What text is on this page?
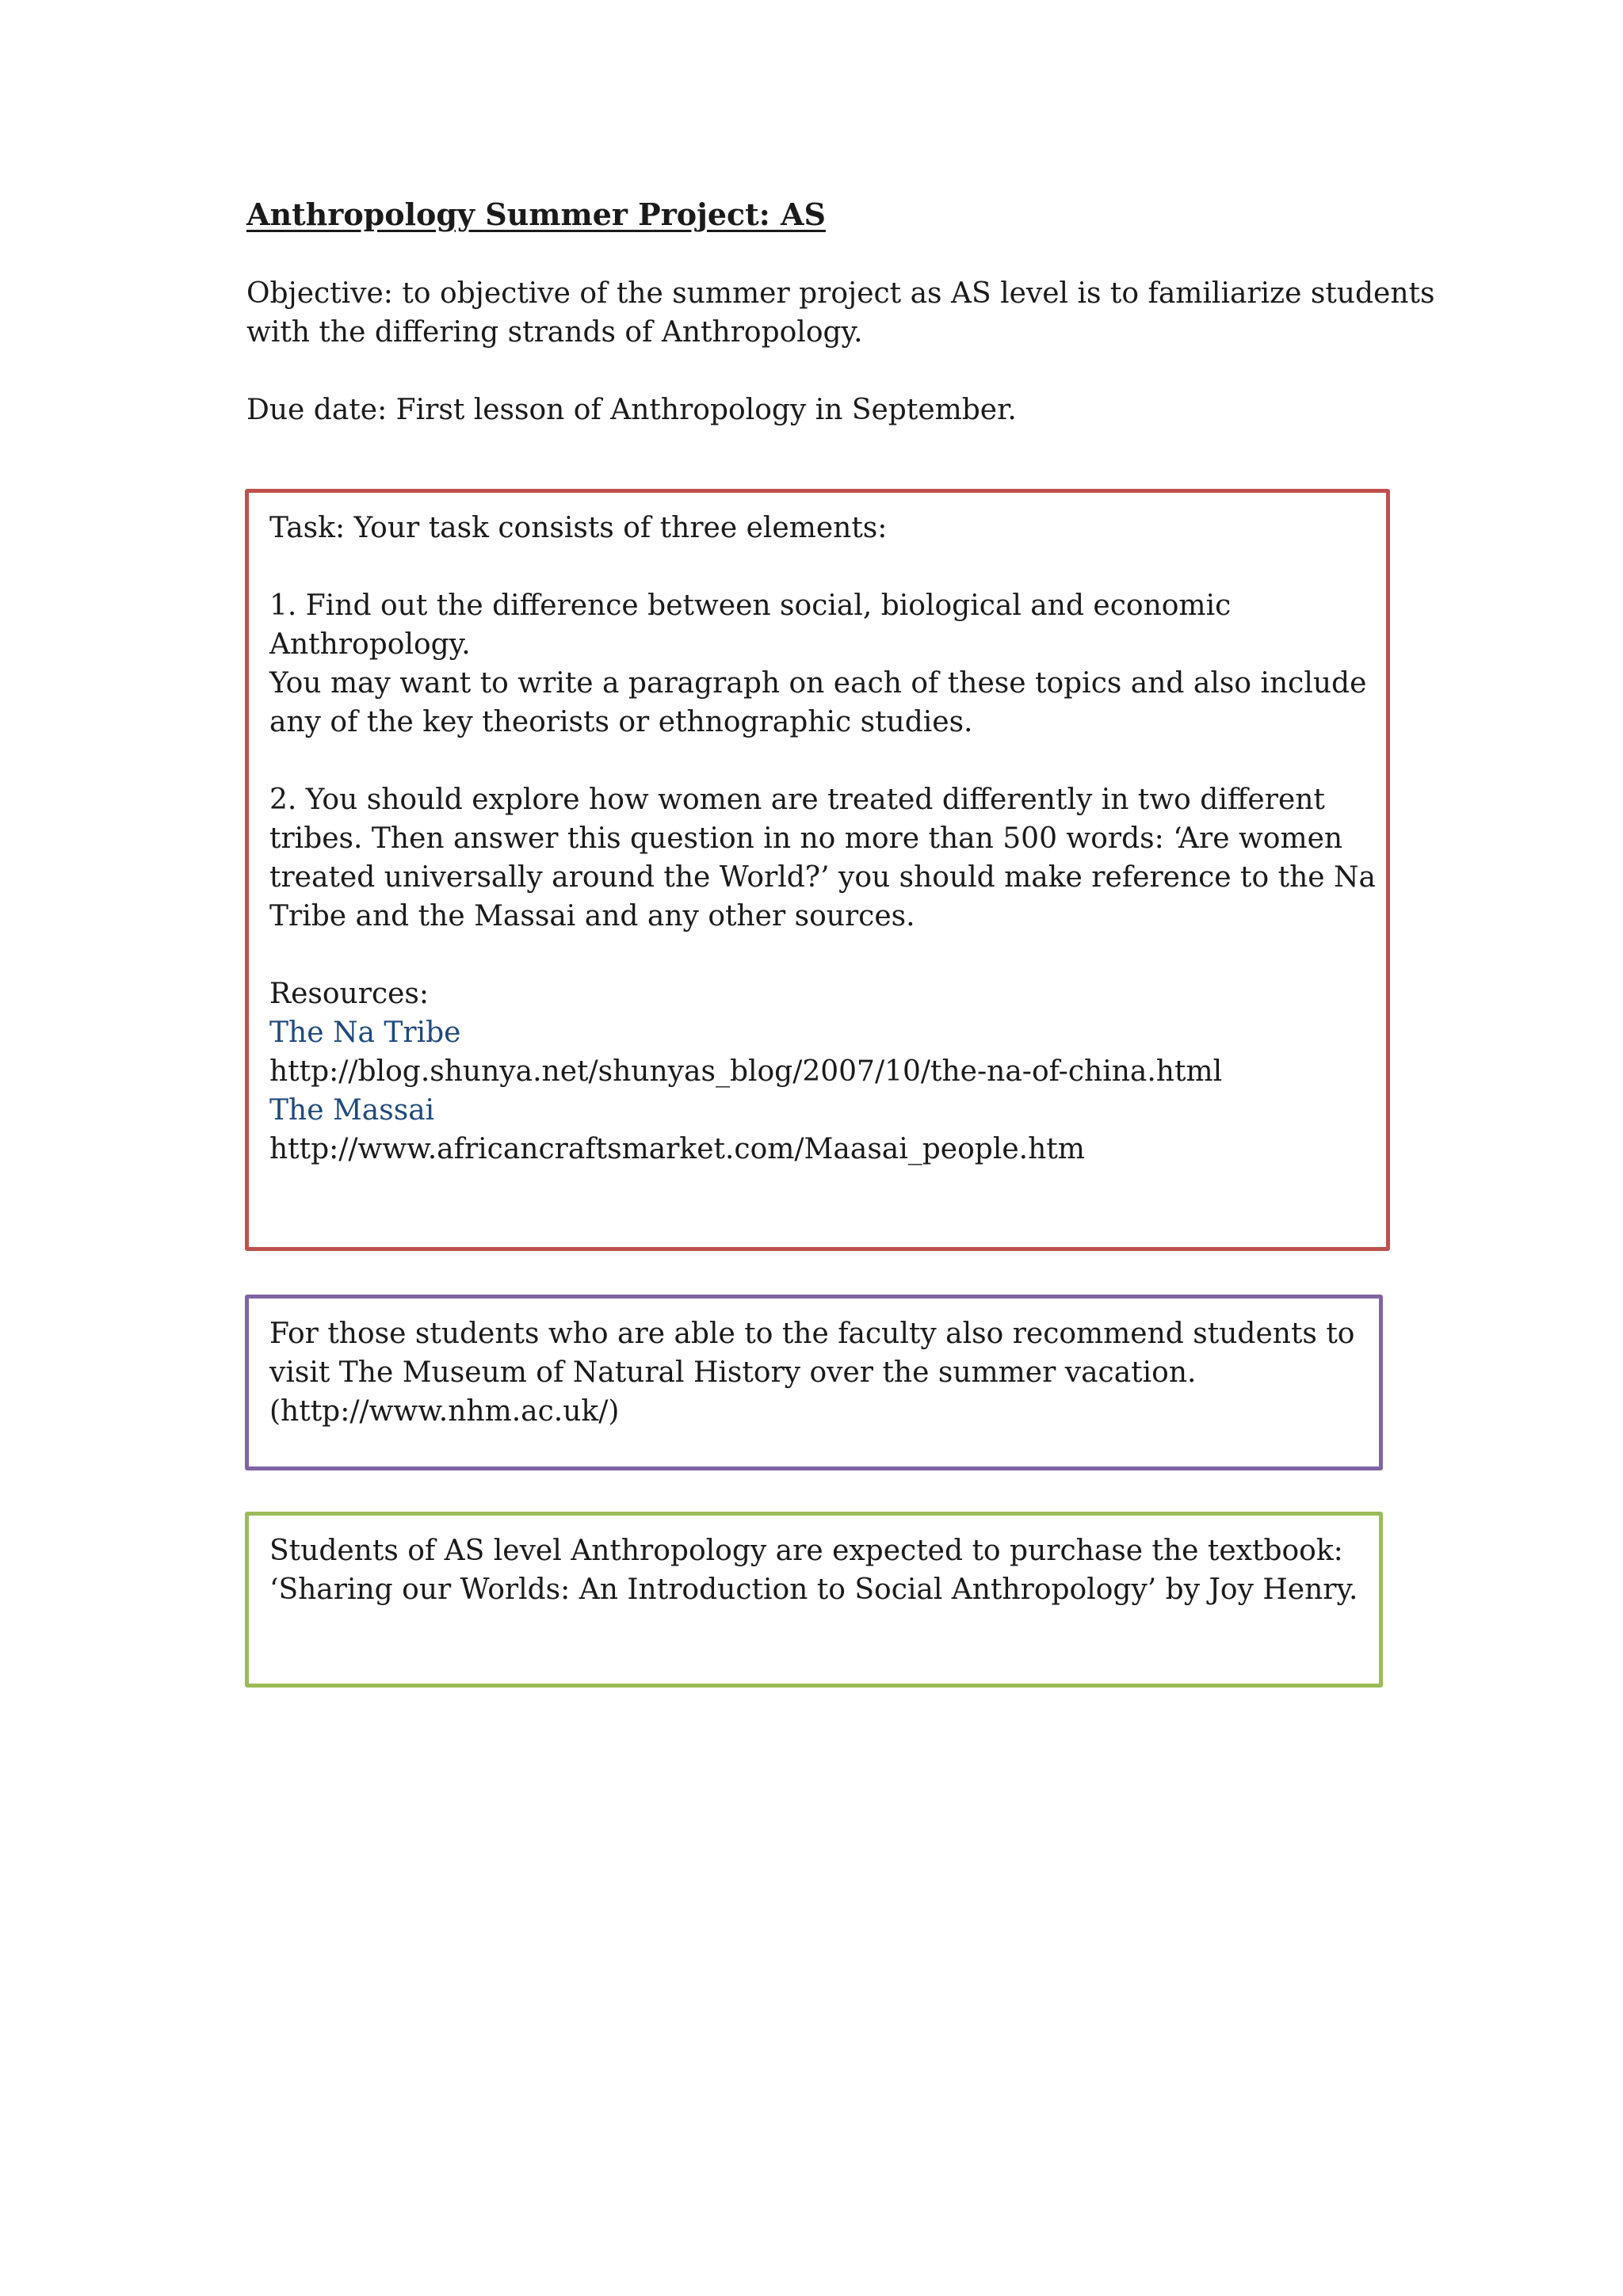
Anthropology Summer Project: AS
Objective: to objective of the summer project as AS level is to familiarize students
with the differing strands of Anthropology.
Due date: First lesson of Anthropology in September.

Task: Your task consists of three elements:

1. Find out the difference between social, biological and economic

Anthropology.

You may want to write a paragraph on each of these topics and also include

any of the key theorists or ethnographic studies.

2. You should explore how women are treated differently in two different

tribes. Then answer this question in no more than 500 words: ‘Are women

treated universally around the World?’ you should make reference to the Na

Tribe and the Massai and any other sources.

Resources:

The Na Tribe

http://blog.shunya.net/shunyas_blog/2007/10/the-na-of-china.html

The Massai

http://www.africancraftsmarket.com/Maasai_people.htm

For those students who are able to the faculty also recommend students to

visit The Museum of Natural History over the summer vacation.

(http://www.nhm.ac.uk/)

Students of AS level Anthropology are expected to purchase the textbook:

‘Sharing our Worlds: An Introduction to Social Anthropology’ by Joy Henry.
